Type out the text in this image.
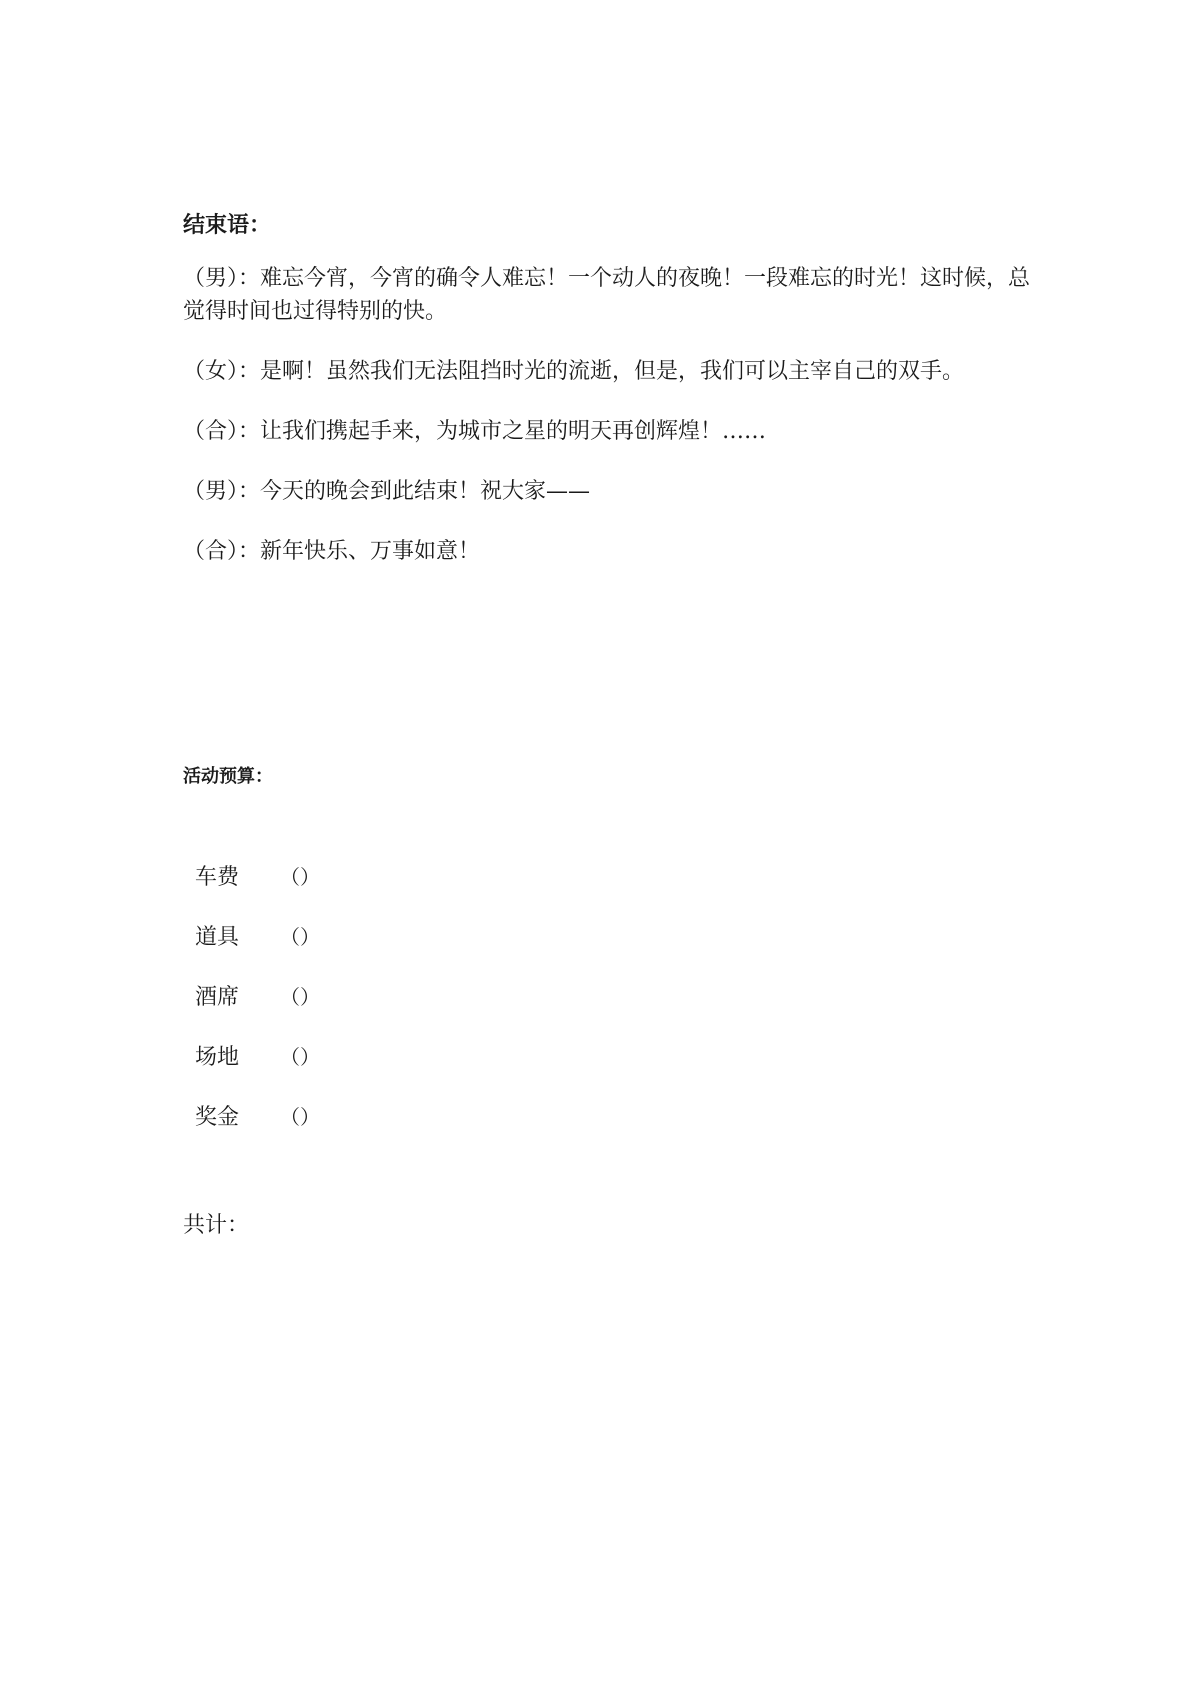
结束语：

（男）：难忘今宵，今宵的确令人难忘！一个动人的夜晚！一段难忘的时光！这时候，总觉得时间也过得特别的快。

（女）：是啊！虽然我们无法阻挡时光的流逝，但是，我们可以主宰自己的双手。

（合）：让我们携起手来，为城市之星的明天再创辉煌！……

（男）：今天的晚会到此结束！祝大家——

（合）：新年快乐、万事如意！

活动预算：
车费	（）
道具	（）
酒席	（）
场地	（）
奖金	（）

共计：
